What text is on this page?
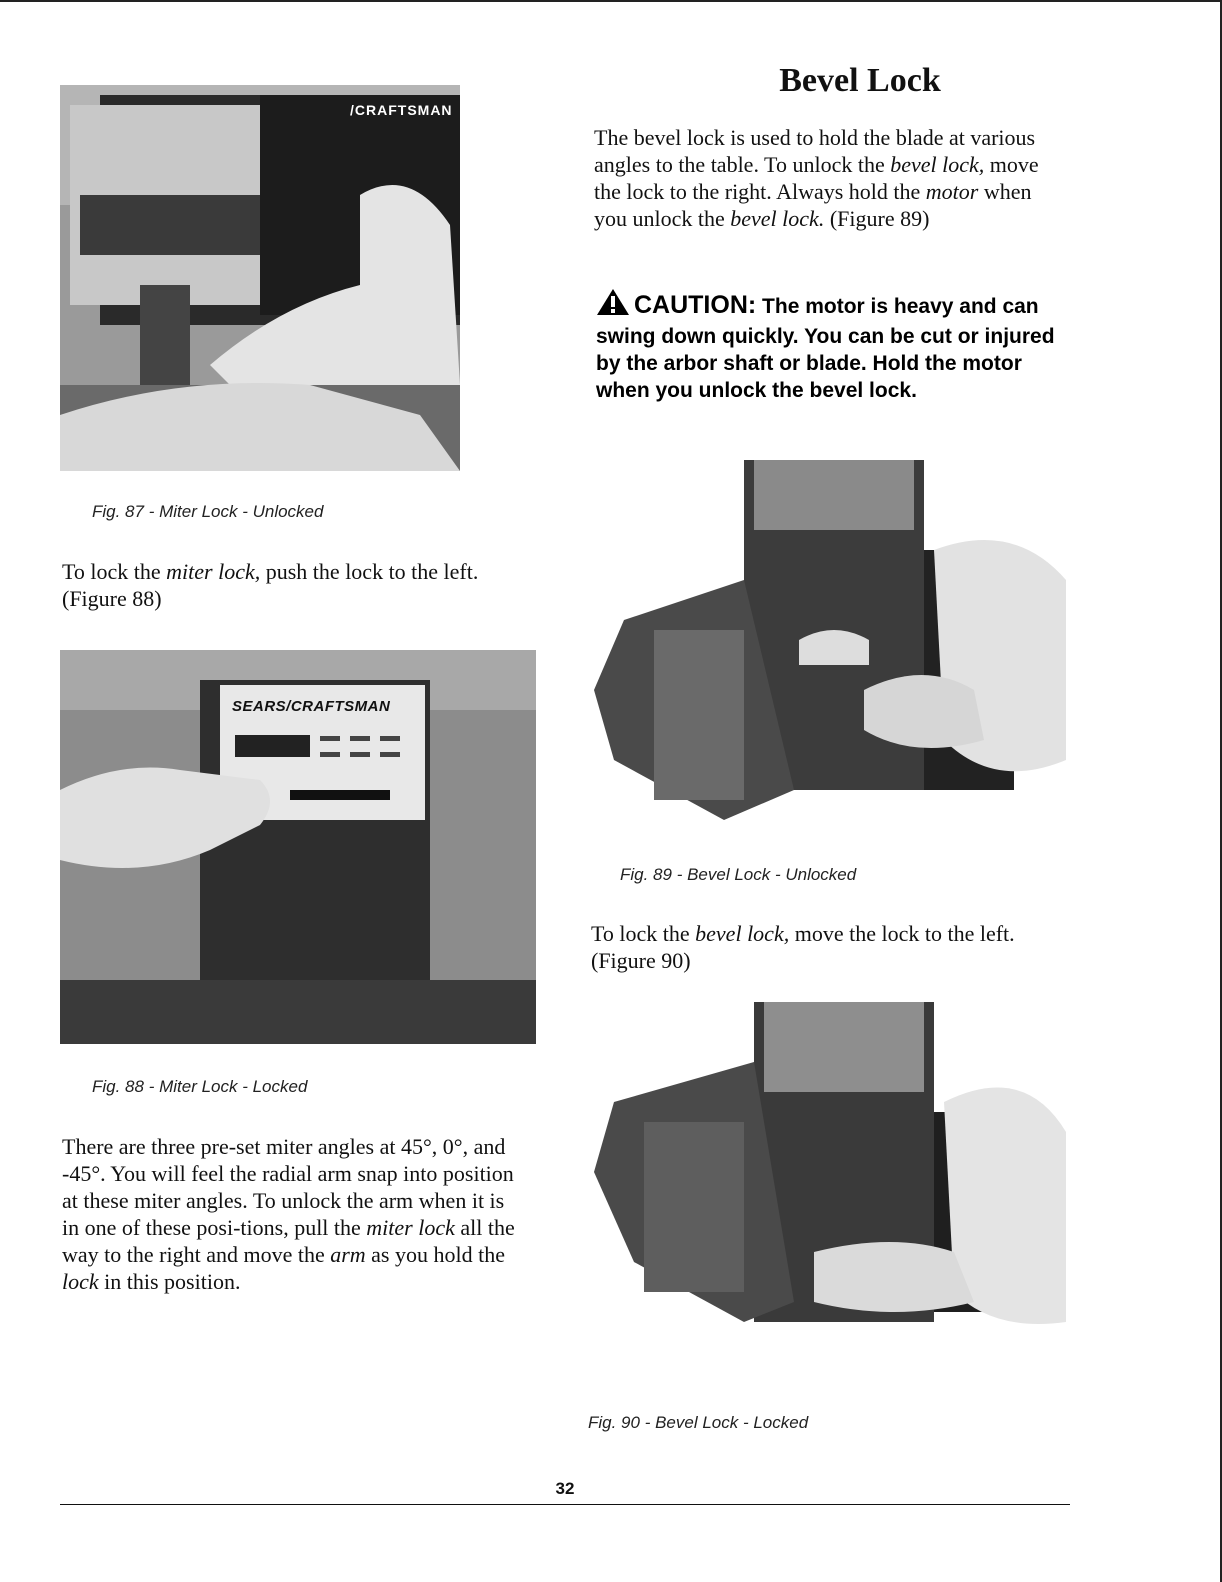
/CRAFTSMAN
Fig. 87 - Miter Lock - Unlocked
To lock the miter lock, push the lock to the left. (Figure 88)
SEARS/CRAFTSMAN
Fig. 88 - Miter Lock - Locked
There are three pre-set miter angles at 45°, 0°, and -45°. You will feel the radial arm snap into position at these miter angles. To unlock the arm when it is in one of these posi-tions, pull the miter lock all the way to the right and move the arm as you hold the lock in this position.
Bevel Lock
The bevel lock is used to hold the blade at various angles to the table. To unlock the bevel lock, move the lock to the right. Always hold the motor when you unlock the bevel lock. (Figure 89)
CAUTION: The motor is heavy and can swing down quickly. You can be cut or injured by the arbor shaft or blade. Hold the motor when you unlock the bevel lock.
Fig. 89 - Bevel Lock - Unlocked
To lock the bevel lock, move the lock to the left. (Figure 90)
Fig. 90 - Bevel Lock - Locked
32
